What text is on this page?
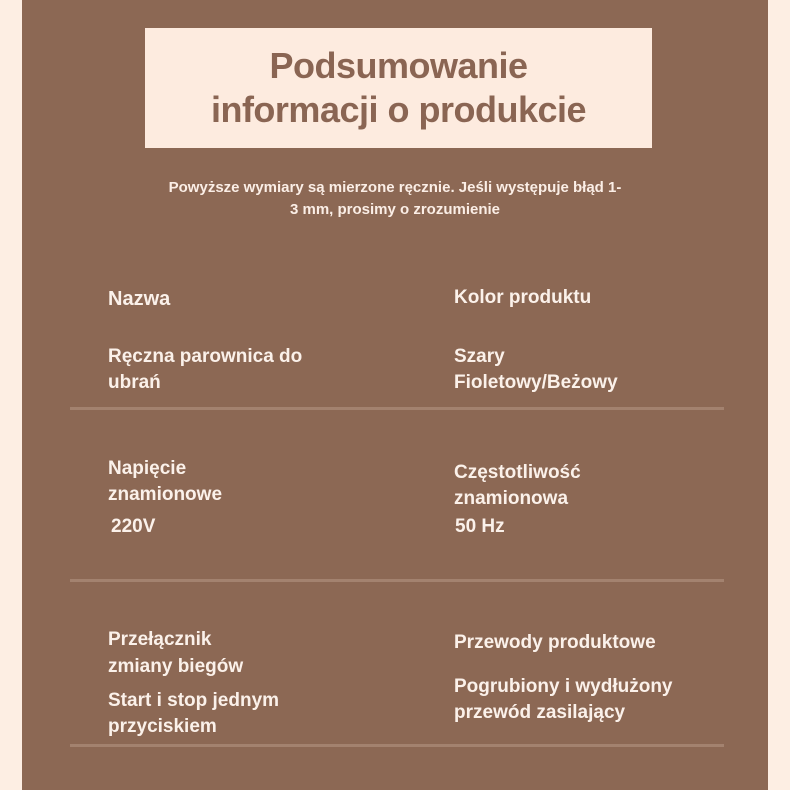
Podsumowanie
informacji o produkcie
Powyższe wymiary są mierzone ręcznie. Jeśli występuje błąd 1-
3 mm, prosimy o zrozumienie
Nazwa
Ręczna parownica do
ubrań
Kolor produktu
Szary
Fioletowy/Beżowy
Napięcie
znamionowe
220V
Częstotliwość
znamionowa
50 Hz
Przełącznik
zmiany biegów
Start i stop jednym
przyciskiem
Przewody produktowe
Pogrubiony i wydłużony
przewód zasilający
